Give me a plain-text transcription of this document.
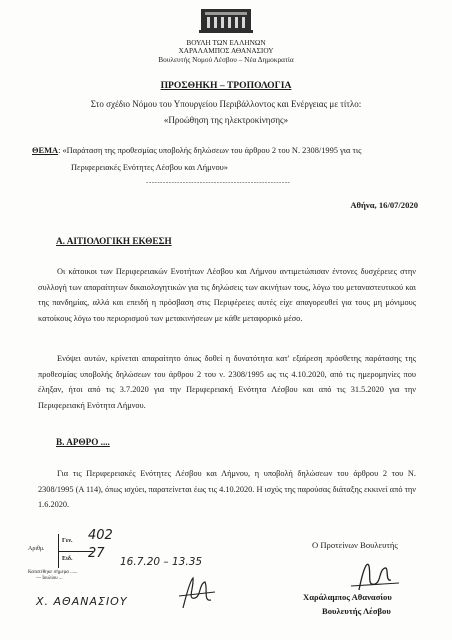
ΒΟΥΛΗ ΤΩΝ ΕΛΛΗΝΩΝ
ΧΑΡΑΛΑΜΠΟΣ ΑΘΑΝΑΣΙΟΥ
Βουλευτής Νομού Λέσβου – Νέα Δημοκρατία
ΠΡΟΣΘΗΚΗ – ΤΡΟΠΟΛΟΓΙΑ
Στο σχέδιο Νόμου του Υπουργείου Περιβάλλοντος και Ενέργειας με τίτλο:
«Προώθηση της ηλεκτροκίνησης»
ΘΕΜΑ: «Παράταση της προθεσμίας υποβολής δηλώσεων του άρθρου 2 του Ν. 2308/1995 για τις
Περιφερειακές Ενότητες Λέσβου και Λήμνου»
---------------------------------------------------
Αθήνα, 16/07/2020
Α. ΑΙΤΙΟΛΟΓΙΚΗ ΕΚΘΕΣΗ
Οι κάτοικοι των Περιφερειακών Ενοτήτων Λέσβου και Λήμνου αντιμετώπισαν έντονες δυσχέρειες στην συλλογή των απαραίτητων δικαιολογητικών για τις δηλώσεις των ακινήτων τους, λόγω του μεταναστευτικού και της πανδημίας, αλλά και επειδή η πρόσβαση στις Περιφέρειες αυτές είχε απαγορευθεί για τους μη μόνιμους κατοίκους λόγω του περιορισμού των μετακινήσεων με κάθε μεταφορικό μέσο.
Ενόψει αυτών, κρίνεται απαραίτητο όπως δοθεί η δυνατότητα κατ' εξαίρεση πρόσθετης παράτασης της προθεσμίας υποβολής δηλώσεων του άρθρου 2 του ν. 2308/1995 ως τις 4.10.2020, από τις ημερομηνίες που έληξαν, ήτοι από τις 3.7.2020 για την Περιφερειακή Ενότητα Λέσβου και από τις 31.5.2020 για την Περιφερειακή Ενότητα Λήμνου.
Β. ΑΡΘΡΟ ....
Για τις Περιφερειακές Ενότητες Λέσβου και Λήμνου, η υποβολή δηλώσεων του άρθρου 2 του Ν. 2308/1995 (Α 114), όπως ισχύει, παρατείνεται έως τις 4.10.2020. Η ισχύς της παρούσας διάταξης εκκινεί από την 1.6.2020.
Ο Προτείνων Βουλευτής
Χαράλαμπος Αθανασίου
Βουλευτής Λέσβου
Αριθμ.
Γεν.
Ειδ.
Κατατέθηκε σήμερα ......
— Ιουλίου ...
402
27
16.7.20 – 13.35
Χ. ΑΘΑΝΑΣΙΟΥ
